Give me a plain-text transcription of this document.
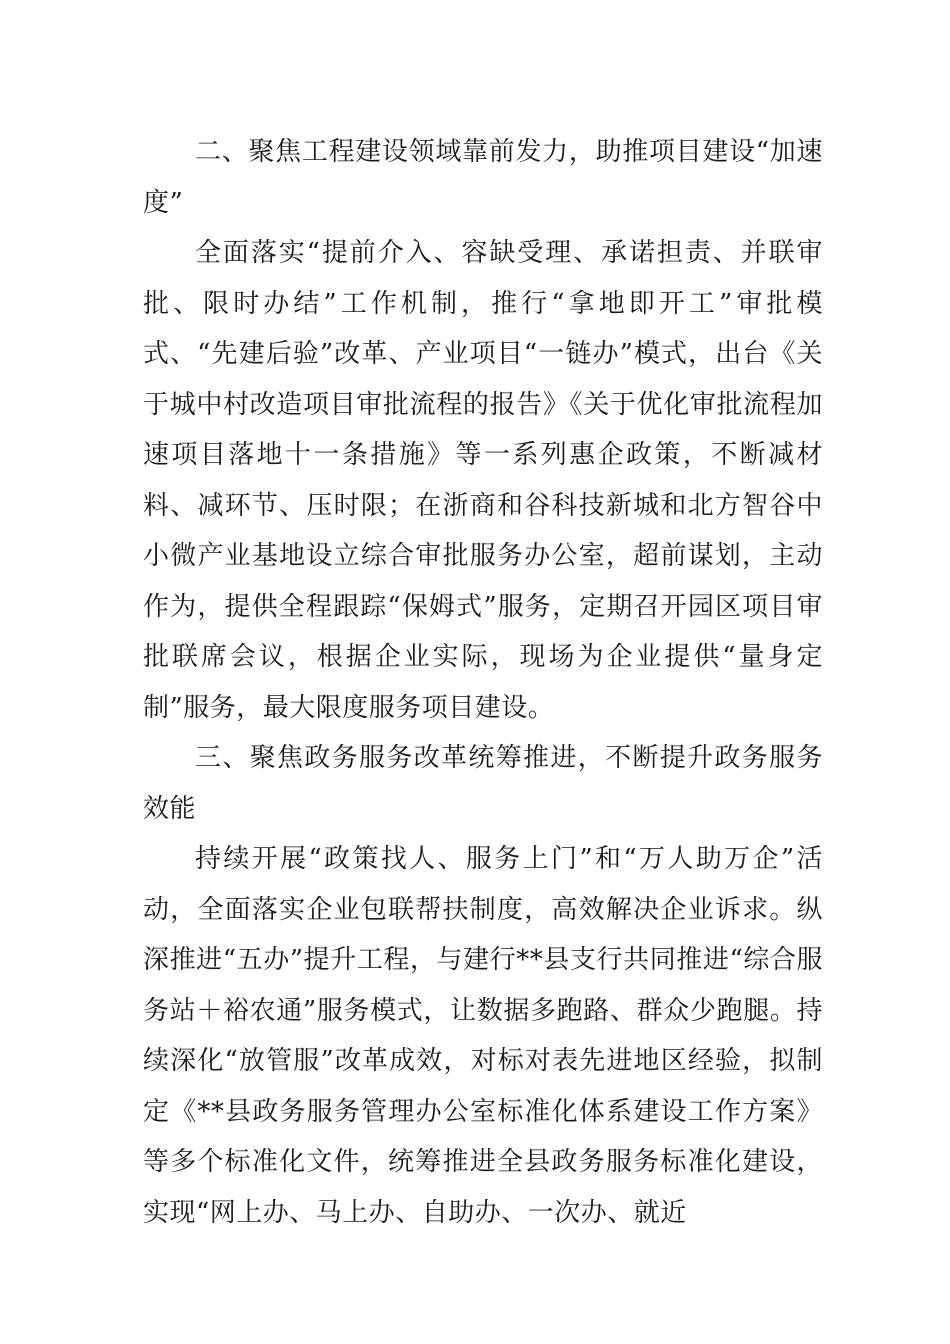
二、聚焦工程建设领域靠前发力，助推项目建设“加速度”

全面落实“提前介入、容缺受理、承诺担责、并联审批、限时办结”工作机制，推行“拿地即开工”审批模式、“先建后验”改革、产业项目“一链办”模式，出台《关于城中村改造项目审批流程的报告》《关于优化审批流程加速项目落地十一条措施》等一系列惠企政策，不断减材料、减环节、压时限；在浙商和谷科技新城和北方智谷中小微产业基地设立综合审批服务办公室，超前谋划，主动作为，提供全程跟踪“保姆式”服务，定期召开园区项目审批联席会议，根据企业实际，现场为企业提供“量身定制”服务，最大限度服务项目建设。

三、聚焦政务服务改革统筹推进，不断提升政务服务效能

持续开展“政策找人、服务上门”和“万人助万企”活动，全面落实企业包联帮扶制度，高效解决企业诉求。纵深推进“五办”提升工程，与建行**县支行共同推进“综合服务站＋裕农通”服务模式，让数据多跑路、群众少跑腿。持续深化“放管服”改革成效，对标对表先进地区经验，拟制定《**县政务服务管理办公室标准化体系建设工作方案》等多个标准化文件，统筹推进全县政务服务标准化建设，实现“网上办、马上办、自助办、一次办、就近
